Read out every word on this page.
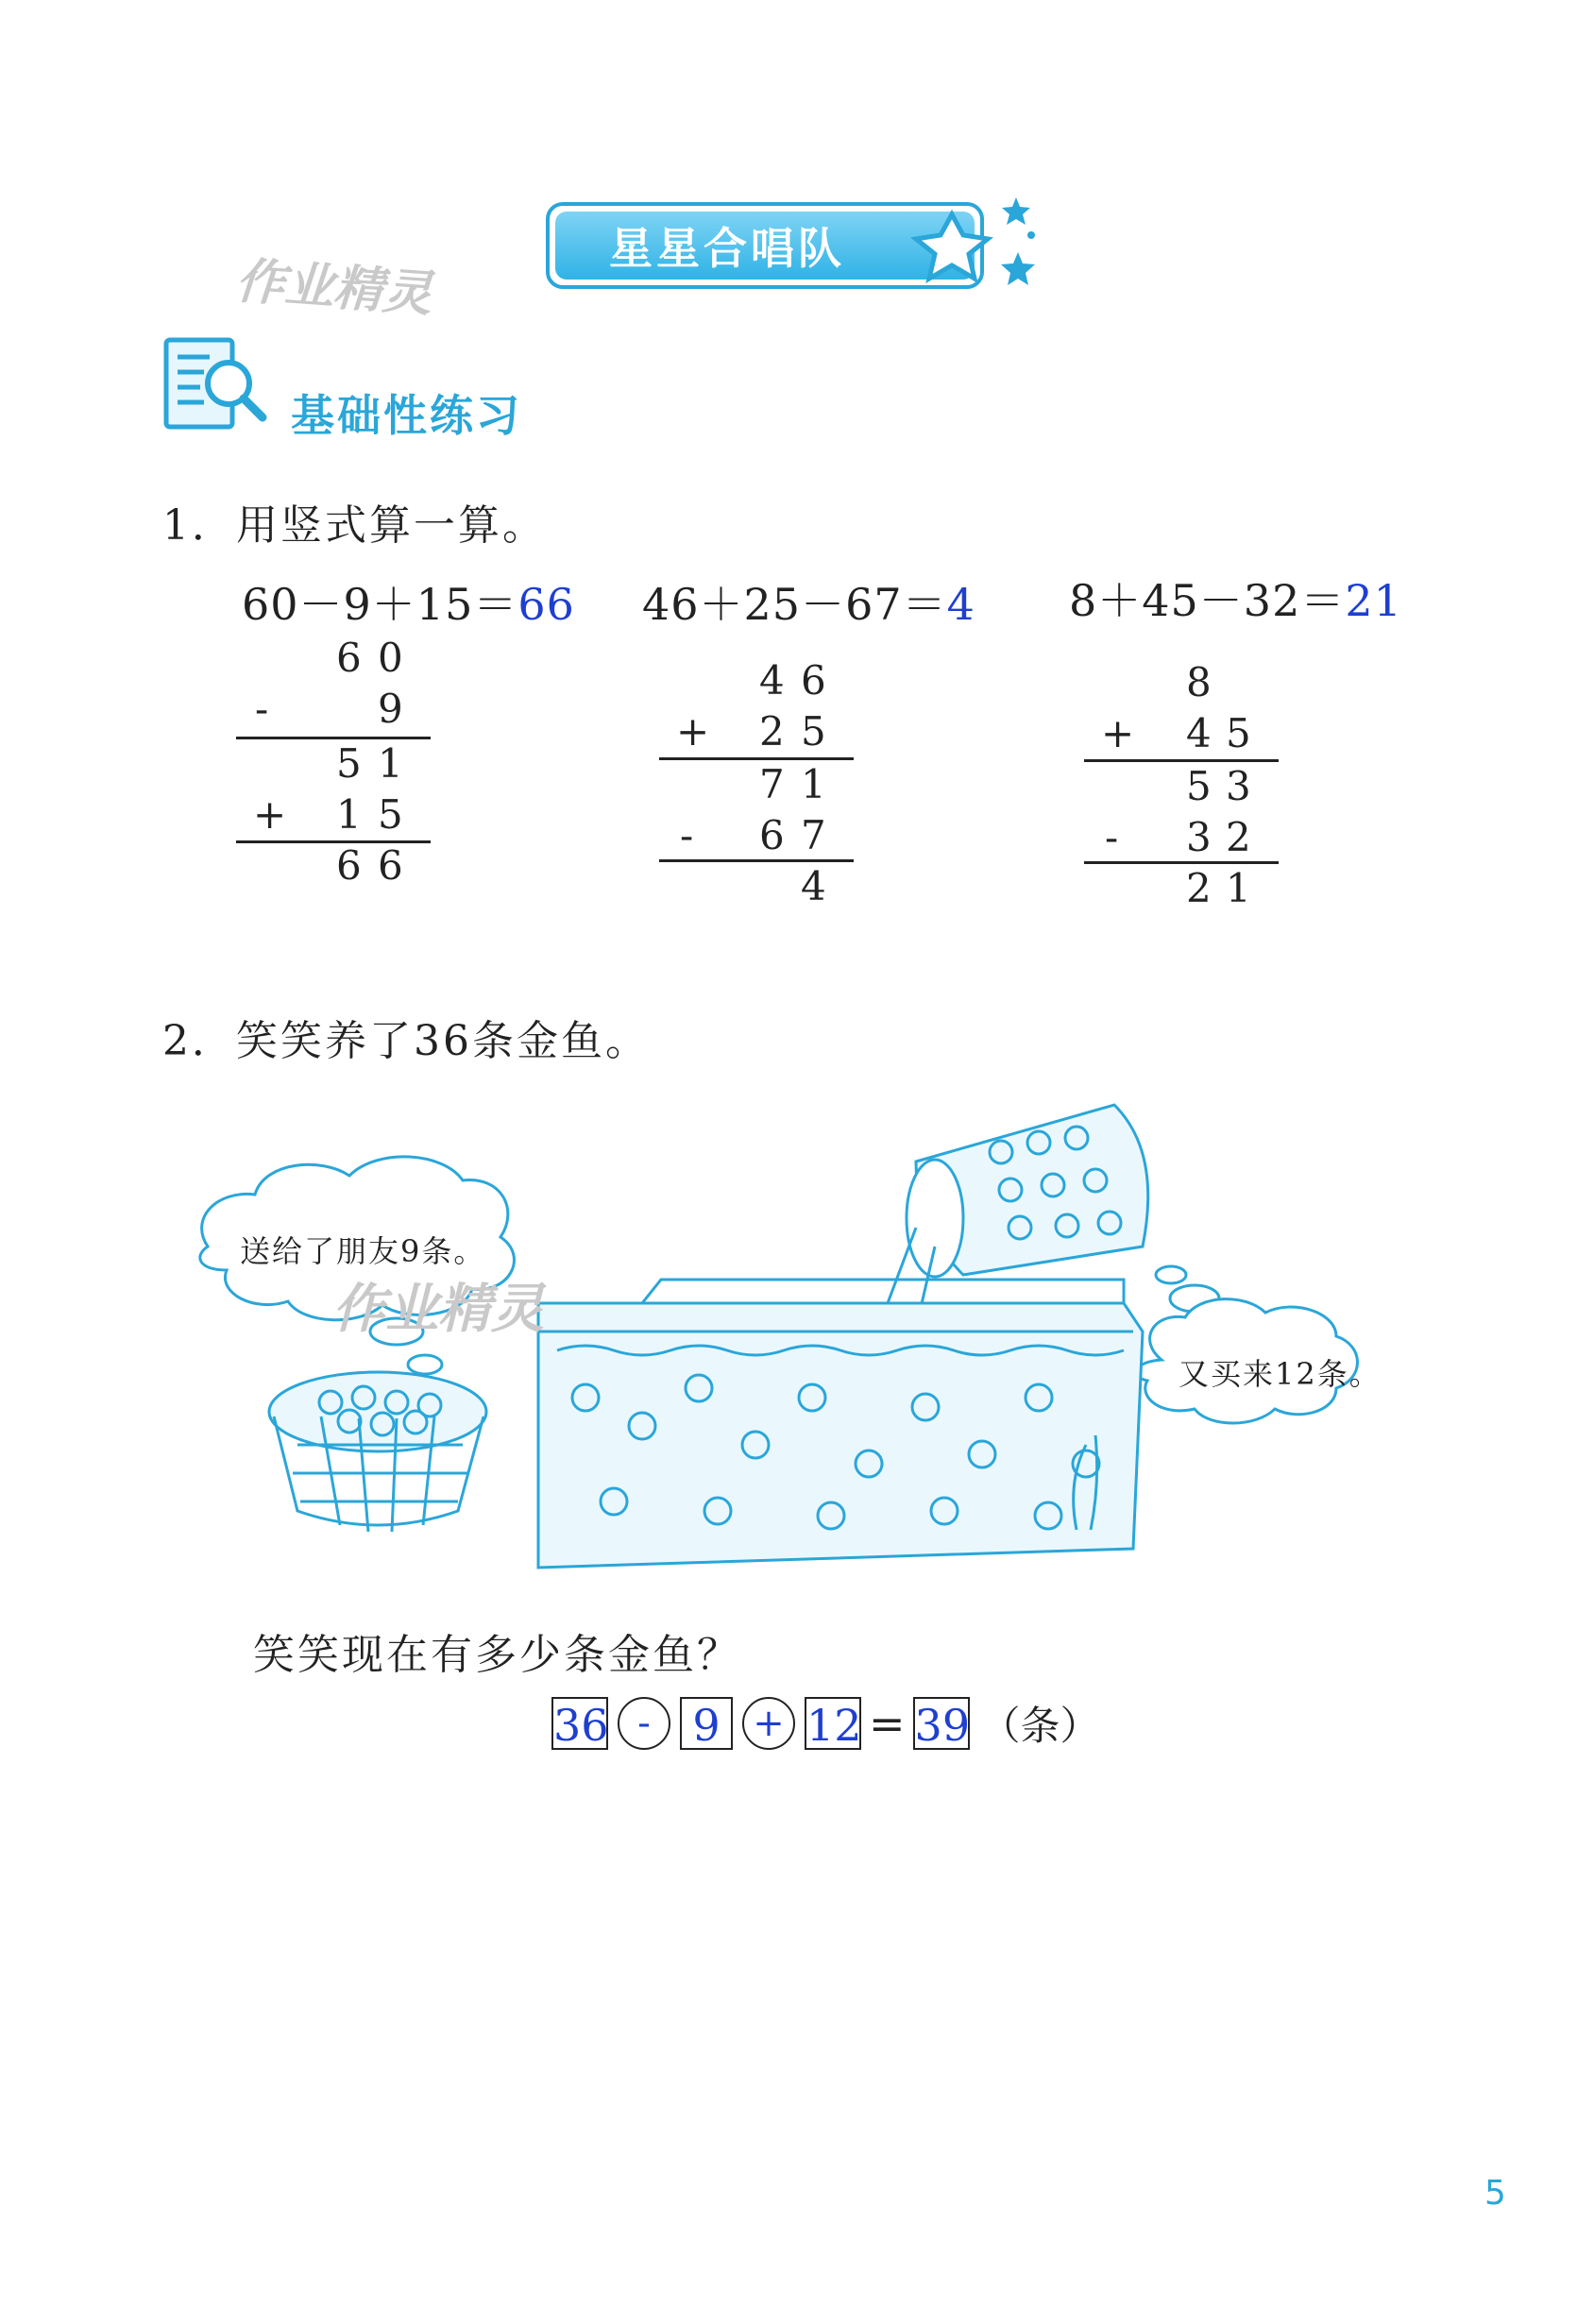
星星合唱队
作业精灵
基础性练习
1．用竖式算一算。
60－9＋15＝66 46＋25－67＝4 8＋45－32＝21
6 0
-	9
5 1
+ 1 5
6 6
4 6
+ 2 5
7 1
- 6 7
4
8
+ 4 5
5 3
- 3 2
2 1
2．笑笑养了36条金鱼。
送给了朋友9条。
又买来12条。
作业精灵
笑笑现在有多少条金鱼？
36 - 9 + 12 = 39 （条）
5
